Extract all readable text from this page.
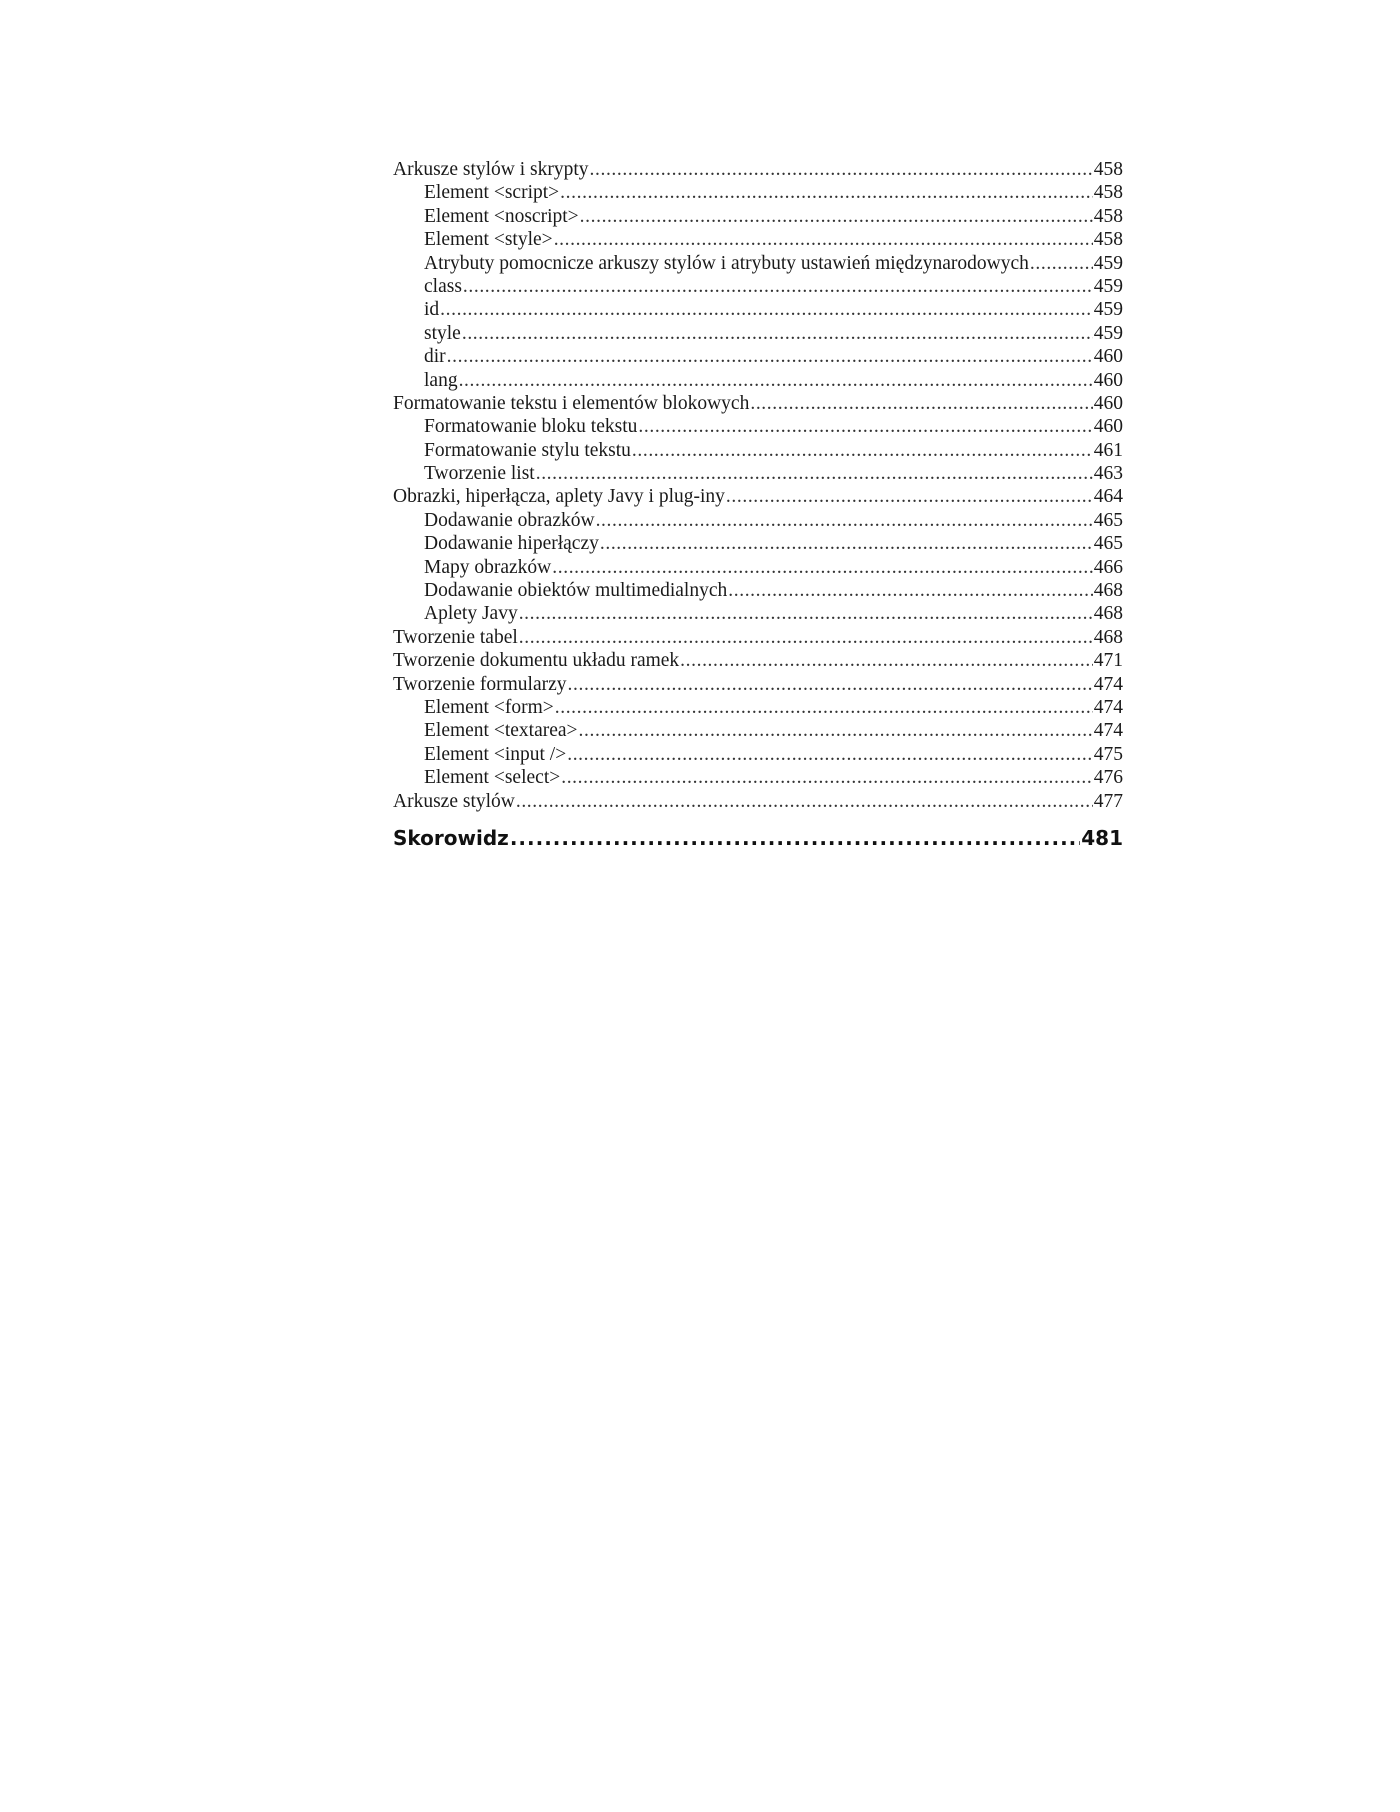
Arkusze stylów i skrypty .....	458
Element <script> .....	458
Element <noscript> .....	458
Element <style> .....	458
Atrybuty pomocnicze arkuszy stylów i atrybuty ustawień międzynarodowych .....	459
class .....	459
id .....	459
style .....	459
dir .....	460
lang .....	460
Formatowanie tekstu i elementów blokowych .....	460
Formatowanie bloku tekstu .....	460
Formatowanie stylu tekstu .....	461
Tworzenie list .....	463
Obrazki, hiperłącza, aplety Javy i plug-iny .....	464
Dodawanie obrazków .....	465
Dodawanie hiperłączy .....	465
Mapy obrazków .....	466
Dodawanie obiektów multimedialnych .....	468
Aplety Javy .....	468
Tworzenie tabel .....	468
Tworzenie dokumentu układu ramek .....	471
Tworzenie formularzy .....	474
Element <form> .....	474
Element <textarea> .....	474
Element <input /> .....	475
Element <select> .....	476
Arkusze stylów .....	477
Skorowidz .....	481
